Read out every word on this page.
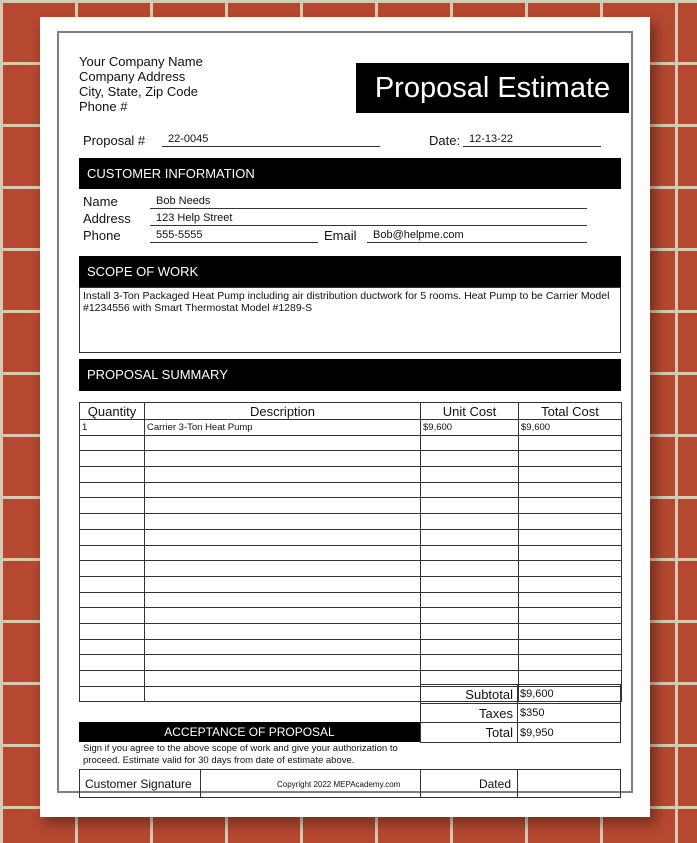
Your Company Name
Company Address
City, State, Zip Code
Phone #
Proposal Estimate
Proposal #	22-0045	Date: 12-13-22
CUSTOMER INFORMATION
Name	Bob Needs
Address	123 Help Street
Phone	555-5555	Email	Bob@helpme.com
SCOPE OF WORK
Install 3-Ton Packaged Heat Pump including air distribution ductwork for 5 rooms. Heat Pump to be Carrier Model #1234556 with Smart Thermostat Model #1289-S
PROPOSAL SUMMARY
Quantity	Description	Unit Cost	Total Cost
1	Carrier 3-Ton Heat Pump	$9,600	$9,600

Subtotal $9,600
Taxes $350
Total $9,950
ACCEPTANCE OF PROPOSAL
Sign if you agree to the above scope of work and give your authorization to proceed. Estimate valid for 30 days from date of estimate above.
Customer Signature	Dated
Copyright 2022 MEPAcademy.com
